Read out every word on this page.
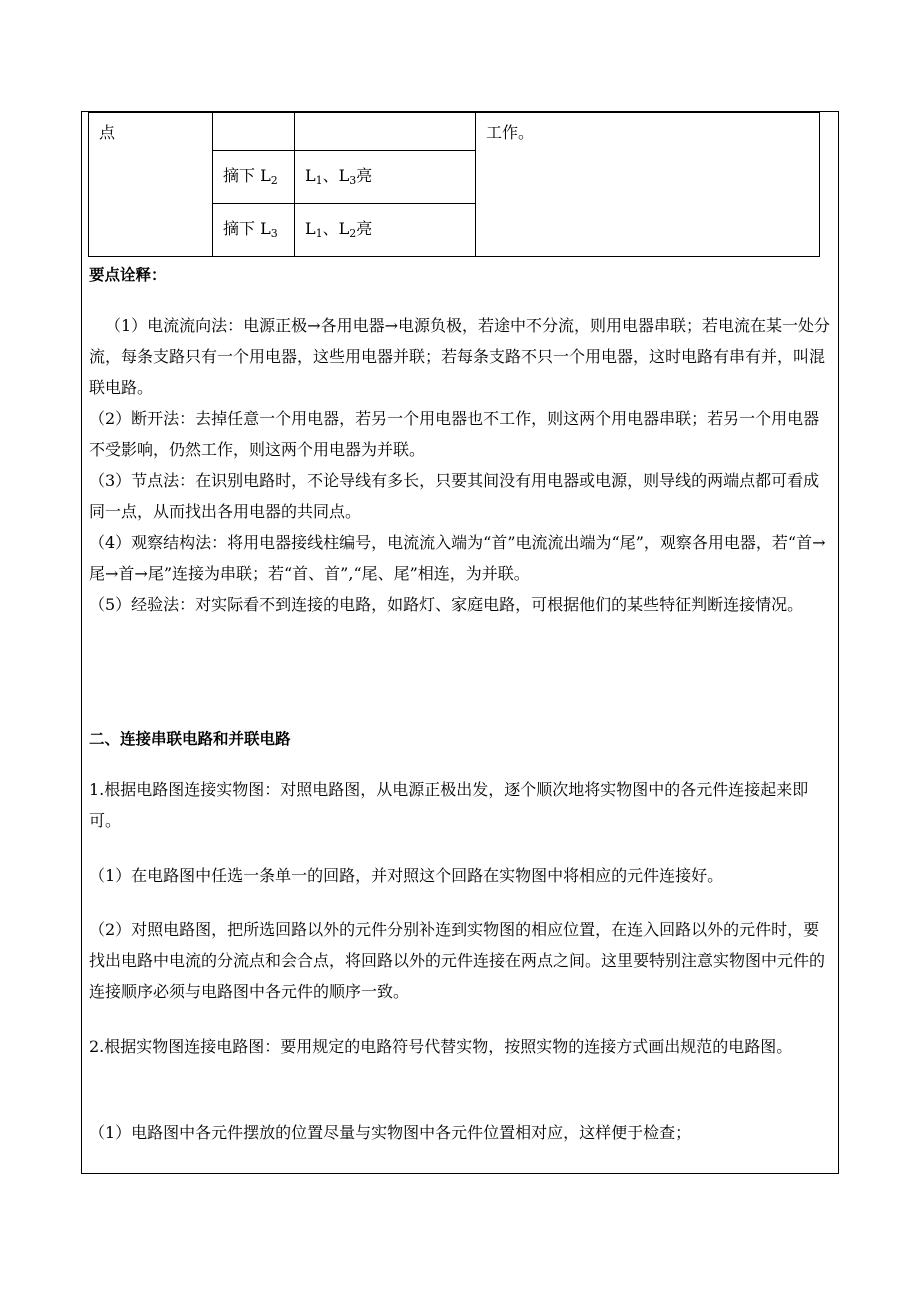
点			工作。

	摘下 $L_2$	$L_1$、$L_3$亮	

	摘下 $L_3$	$L_1$、$L_2$亮	
要点诠释：

（1）电流流向法：电源正极→各用电器→电源负极，若途中不分流，则用电器串联；若电流在某一处分流，每条支路只有一个用电器，这些用电器并联；若每条支路不只一个用电器，这时电路有串有并，叫混联电路。

（2）断开法：去掉任意一个用电器，若另一个用电器也不工作，则这两个用电器串联；若另一个用电器不受影响，仍然工作，则这两个用电器为并联。

（3）节点法：在识别电路时，不论导线有多长，只要其间没有用电器或电源，则导线的两端点都可看成同一点，从而找出各用电器的共同点。

（4）观察结构法：将用电器接线柱编号，电流流入端为“首”电流流出端为“尾”，观察各用电器，若“首→尾→首→尾”连接为串联；若“首、首”,“尾、尾”相连，为并联。

（5）经验法：对实际看不到连接的电路，如路灯、家庭电路，可根据他们的某些特征判断连接情况。

二、连接串联电路和并联电路
1.根据电路图连接实物图：对照电路图，从电源正极出发，逐个顺次地将实物图中的各元件连接起来即可。
（1）在电路图中任选一条单一的回路，并对照这个回路在实物图中将相应的元件连接好。
（2）对照电路图，把所选回路以外的元件分别补连到实物图的相应位置，在连入回路以外的元件时，要找出电路中电流的分流点和会合点，将回路以外的元件连接在两点之间。这里要特别注意实物图中元件的连接顺序必须与电路图中各元件的顺序一致。
2.根据实物图连接电路图：要用规定的电路符号代替实物，按照实物的连接方式画出规范的电路图。
（1）电路图中各元件摆放的位置尽量与实物图中各元件位置相对应，这样便于检查；
